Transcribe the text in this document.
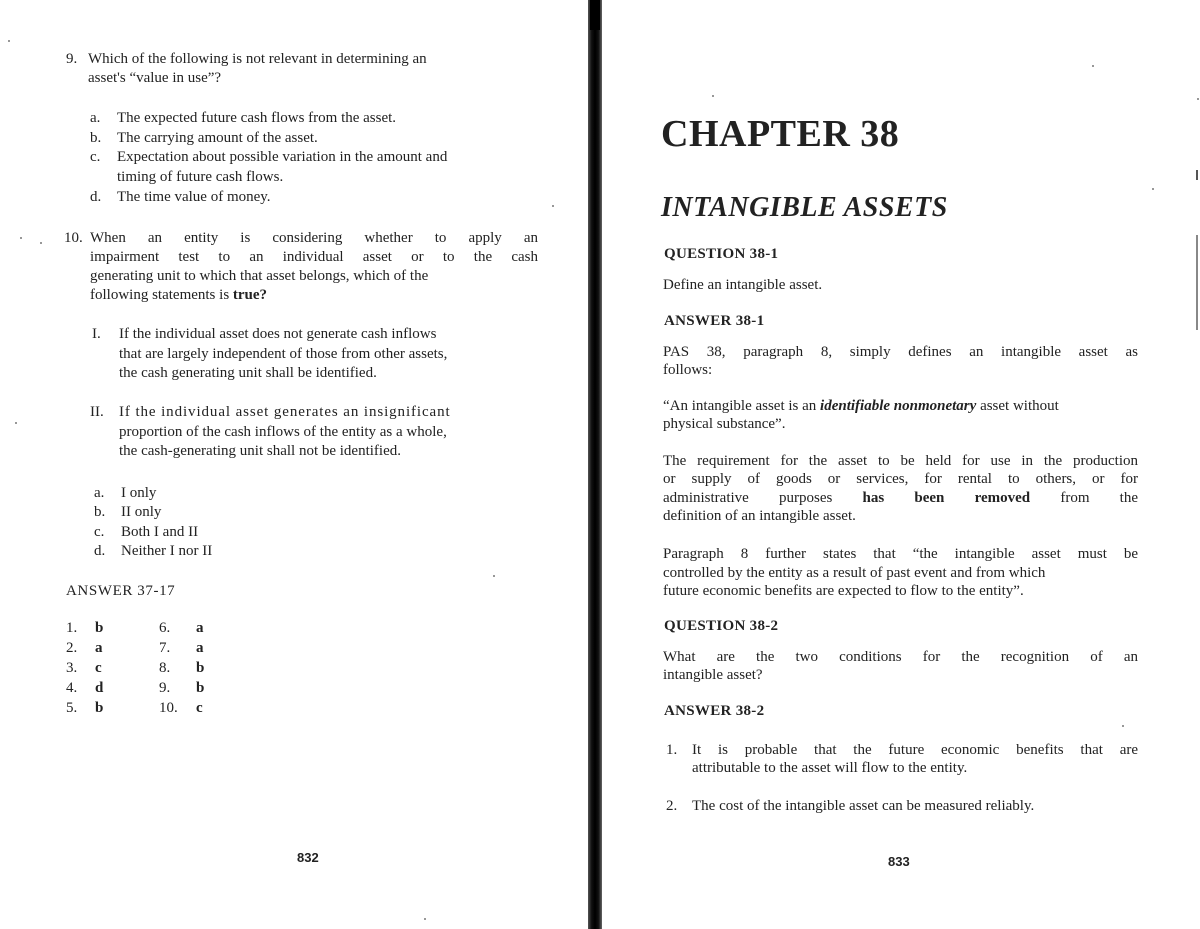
9. Which of the following is not relevant in determining an
asset's “value in use”?
a. The expected future cash flows from the asset.
b. The carrying amount of the asset.
c. Expectation about possible variation in the amount and
timing of future cash flows.
d. The time value of money.
10. When an entity is considering whether to apply an
impairment test to an individual asset or to the cash
generating unit to which that asset belongs, which of the
following statements is true?
I. If the individual asset does not generate cash inflows
that are largely independent of those from other assets,
the cash generating unit shall be identified.
II. If the individual asset generates an insignificant
proportion of the cash inflows of the entity as a whole,
the cash-generating unit shall not be identified.
a. I only
b. II only
c. Both I and II
d. Neither I nor II
ANSWER 37-17
1. b	6. a
2. a	7. a
3. c	8. b
4. d	9. b
5. b	10. c
832
CHAPTER 38
INTANGIBLE ASSETS
QUESTION 38-1
Define an intangible asset.
ANSWER 38-1
PAS 38, paragraph 8, simply defines an intangible asset as
follows:
“An intangible asset is an identifiable nonmonetary asset without
physical substance”.
The requirement for the asset to be held for use in the production
or supply of goods or services, for rental to others, or for
administrative purposes has been removed from the
definition of an intangible asset.
Paragraph 8 further states that “the intangible asset must be
controlled by the entity as a result of past event and from which
future economic benefits are expected to flow to the entity”.
QUESTION 38-2
What are the two conditions for the recognition of an
intangible asset?
ANSWER 38-2
1. It is probable that the future economic benefits that are
attributable to the asset will flow to the entity.
2. The cost of the intangible asset can be measured reliably.
833
